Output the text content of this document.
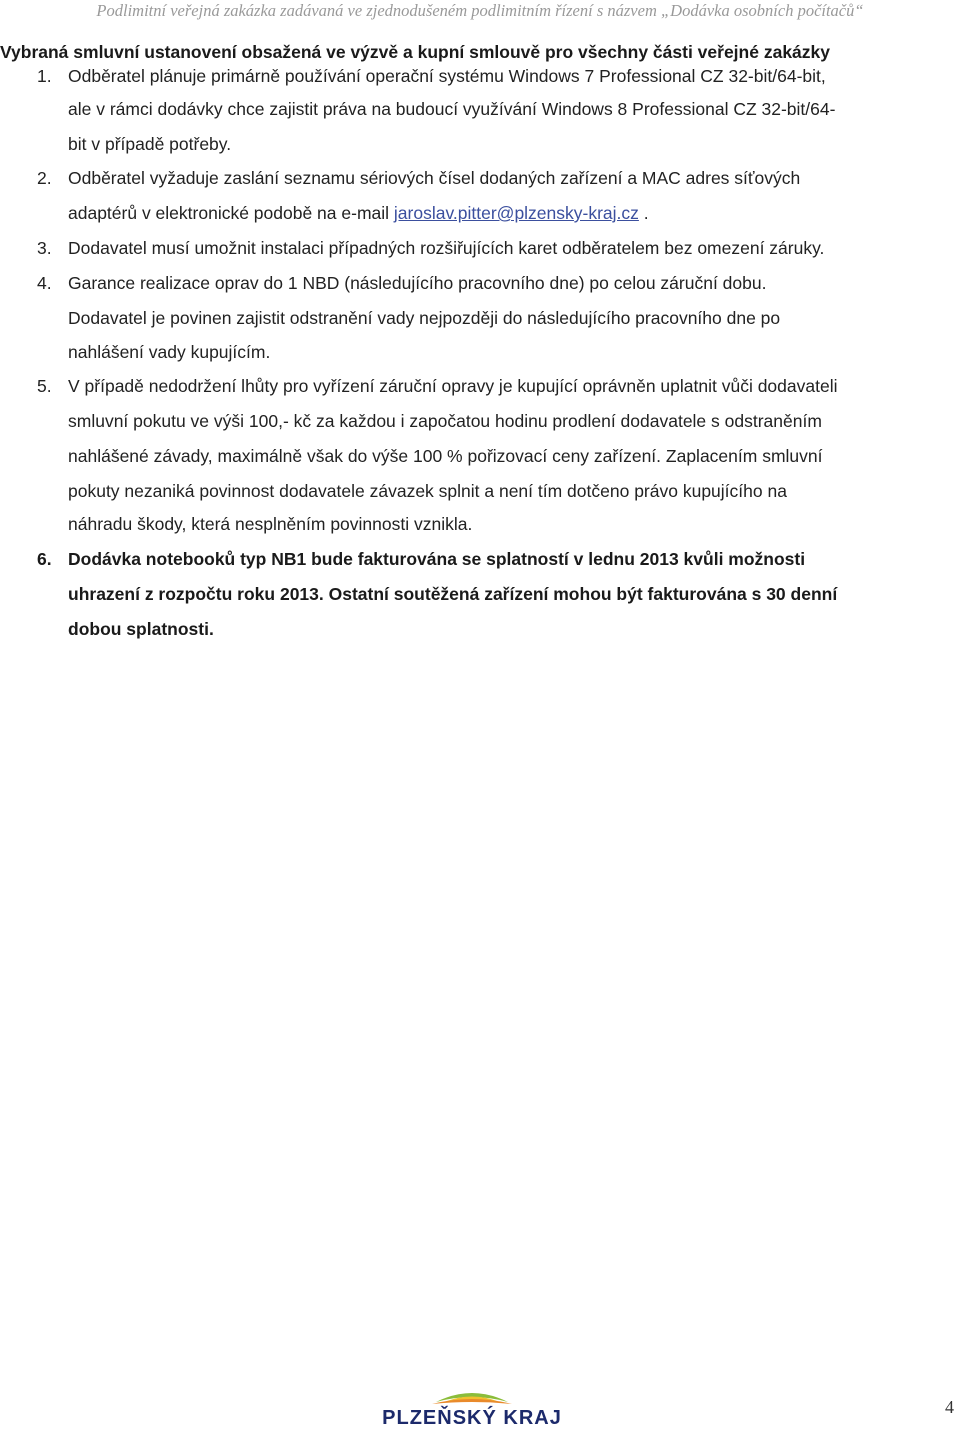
Podlimitní veřejná zakázka zadávaná ve zjednodušeném podlimitním řízení s názvem „Dodávka osobních počítačů“
Vybraná smluvní ustanovení obsažená ve výzvě a kupní smlouvě pro všechny části veřejné zakázky
1. Odběratel plánuje primárně používání operační systému Windows 7 Professional CZ 32-bit/64-bit,
ale v rámci dodávky chce zajistit práva na budoucí využívání Windows 8 Professional CZ 32-bit/64-
bit v případě potřeby.
2. Odběratel vyžaduje zaslání seznamu sériových čísel dodaných zařízení a MAC adres síťových
adaptérů v elektronické podobě na e-mail jaroslav.pitter@plzensky-kraj.cz .
3. Dodavatel musí umožnit instalaci případných rozšiřujících karet odběratelem bez omezení záruky.
4. Garance realizace oprav do 1 NBD (následujícího pracovního dne) po celou záruční dobu.
Dodavatel je povinen zajistit odstranění vady nejpozději do následujícího pracovního dne po
nahlášení vady kupujícím.
5. V případě nedodržení lhůty pro vyřízení záruční opravy je kupující oprávněn uplatnit vůči dodavateli
smluvní pokutu ve výši 100,- kč za každou i započatou hodinu prodlení dodavatele s odstraněním
nahlášené závady, maximálně však do výše 100 % pořizovací ceny zařízení. Zaplacením smluvní
pokuty nezaniká povinnost dodavatele závazek splnit a není tím dotčeno právo kupujícího na
náhradu škody, která nesplněním povinnosti vznikla.
6. Dodávka notebooků typ NB1 bude fakturována se splatností v lednu 2013 kvůli možnosti
uhrazení z rozpočtu roku 2013. Ostatní soutěžená zařízení mohou být fakturována s 30 denní
dobou splatnosti.
4
PLZEŇSKÝ KRAJ
